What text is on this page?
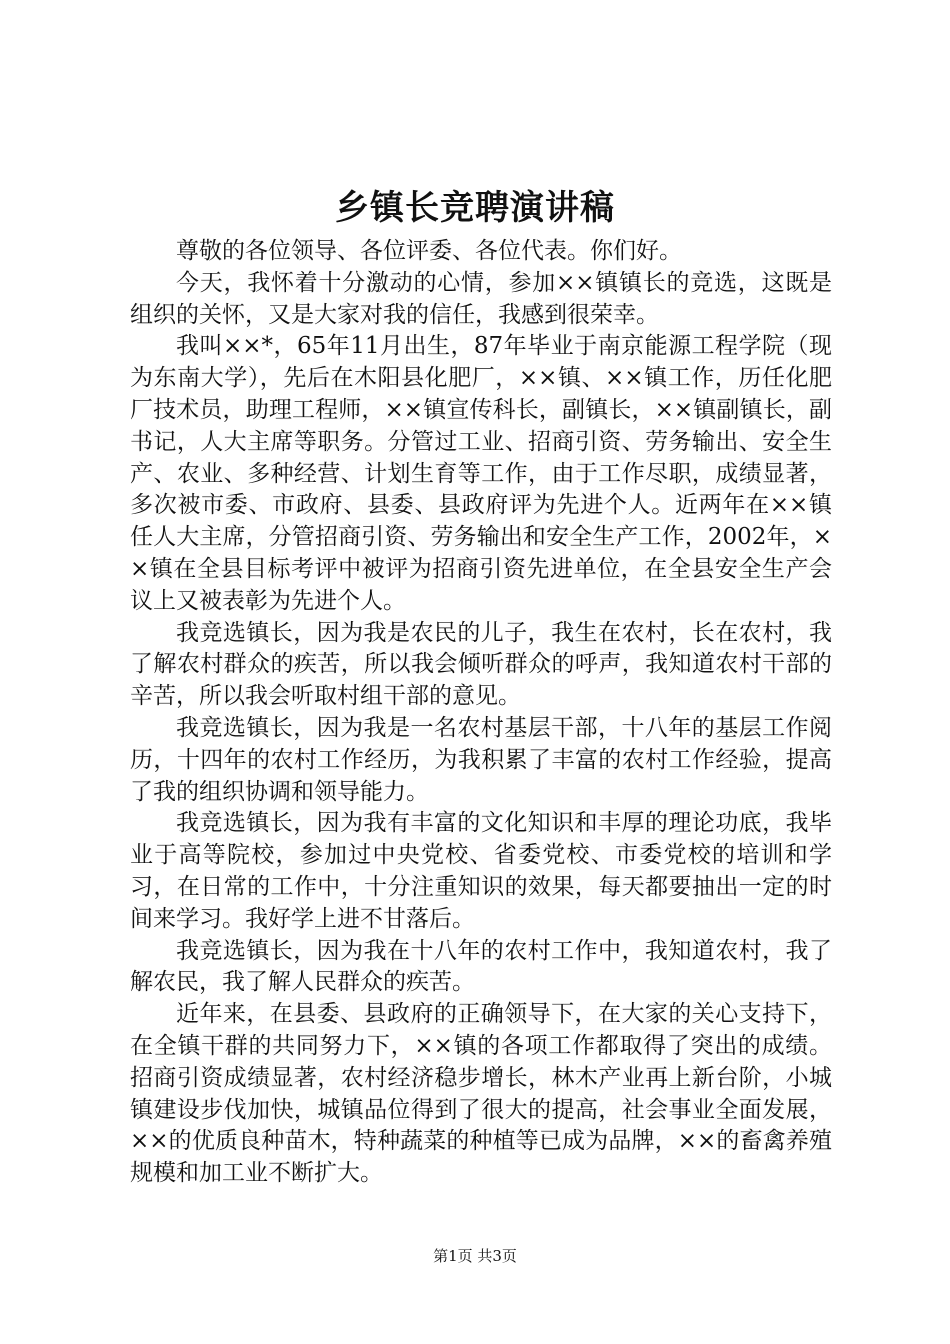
乡镇长竞聘演讲稿

尊敬的各位领导、各位评委、各位代表。你们好。

今天，我怀着十分激动的心情，参加××镇镇长的竞选，这既是组织的关怀，又是大家对我的信任，我感到很荣幸。

我叫××*，65年11月出生，87年毕业于南京能源工程学院（现为东南大学），先后在木阳县化肥厂，××镇、××镇工作，历任化肥厂技术员，助理工程师，××镇宣传科长，副镇长，××镇副镇长，副书记，人大主席等职务。分管过工业、招商引资、劳务输出、安全生产、农业、多种经营、计划生育等工作，由于工作尽职，成绩显著，多次被市委、市政府、县委、县政府评为先进个人。近两年在××镇任人大主席，分管招商引资、劳务输出和安全生产工作，2002年，××镇在全县目标考评中被评为招商引资先进单位，在全县安全生产会议上又被表彰为先进个人。

我竞选镇长，因为我是农民的儿子，我生在农村，长在农村，我了解农村群众的疾苦，所以我会倾听群众的呼声，我知道农村干部的辛苦，所以我会听取村组干部的意见。

我竞选镇长，因为我是一名农村基层干部，十八年的基层工作阅历，十四年的农村工作经历，为我积累了丰富的农村工作经验，提高了我的组织协调和领导能力。

我竞选镇长，因为我有丰富的文化知识和丰厚的理论功底，我毕业于高等院校，参加过中央党校、省委党校、市委党校的培训和学习，在日常的工作中，十分注重知识的效果，每天都要抽出一定的时间来学习。我好学上进不甘落后。

我竞选镇长，因为我在十八年的农村工作中，我知道农村，我了解农民，我了解人民群众的疾苦。

近年来，在县委、县政府的正确领导下，在大家的关心支持下，在全镇干群的共同努力下，××镇的各项工作都取得了突出的成绩。招商引资成绩显著，农村经济稳步增长，林木产业再上新台阶，小城镇建设步伐加快，城镇品位得到了很大的提高，社会事业全面发展，××的优质良种苗木，特种蔬菜的种植等已成为品牌，××的畜禽养殖规模和加工业不断扩大。

第1页 共3页
